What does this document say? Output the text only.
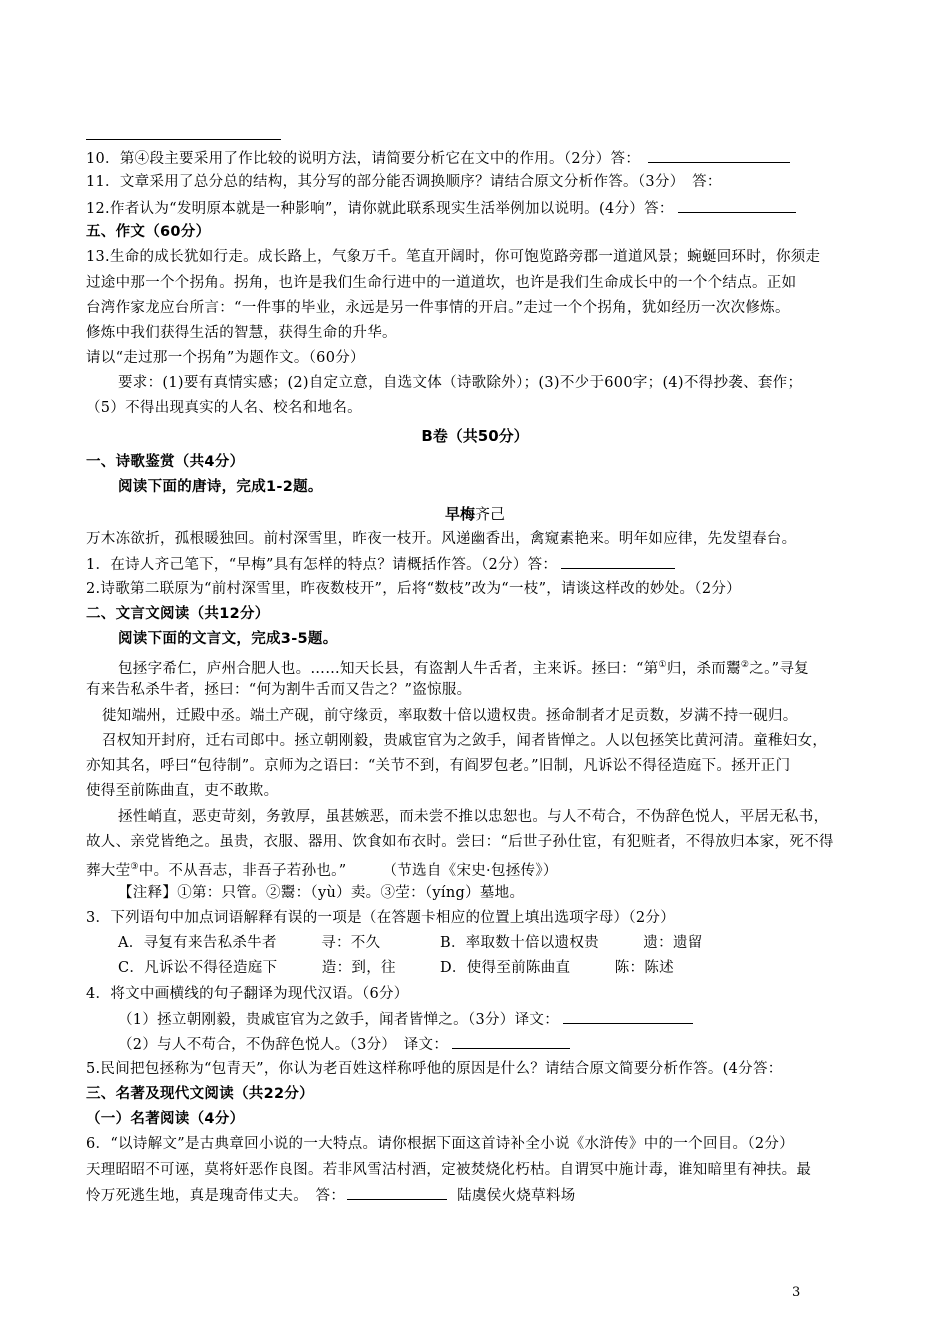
10．第④段主要采用了作比较的说明方法，请简要分析它在文中的作用。（2分）答：
11．文章采用了总分总的结构，其分写的部分能否调换顺序？请结合原文分析作答。（3分）　答：
12.作者认为“发明原本就是一种影响”，请你就此联系现实生活举例加以说明。(4分）答：
五、作文（60分）
13.生命的成长犹如行走。成长路上，气象万千。笔直开阔时，你可饱览路旁郡一道道风景；蜿蜒回环时，你须走
过途中那一个个拐角。拐角，也许是我们生命行进中的一道道坎，也许是我们生命成长中的一个个结点。正如
台湾作家龙应台所言：“一件事的毕业，永远是另一件事情的开启。”走过一个个拐角，犹如经历一次次修炼。
修炼中我们获得生活的智慧，获得生命的升华。
请以“走过那一个拐角”为题作文。（60分）
要求：(1)要有真情实感；(2)自定立意，自选文体（诗歌除外）；(3)不少于600字；(4)不得抄袭、套作；
（5）不得出现真实的人名、校名和地名。
B卷（共50分）
一、诗歌鉴赏（共4分）
阅读下面的唐诗，完成1-2题。
早梅齐己
万木冻欲折，孤根暖独回。前村深雪里，昨夜一枝开。风递幽香出，禽窥素艳来。明年如应律，先发望春台。
1．在诗人齐己笔下，“早梅”具有怎样的特点？请概括作答。（2分）答：
2.诗歌第二联原为“前村深雪里，昨夜数枝开”，后将“数枝”改为“一枝”，请谈这样改的妙处。（2分）
二、文言文阅读（共12分）
阅读下面的文言文，完成3-5题。
包拯字希仁，庐州合肥人也。……知天长县，有盗割人牛舌者，主来诉。拯曰：“第①归，杀而鬻②之。”寻复
有来告私杀牛者，拯曰：“何为割牛舌而又告之？”盗惊服。
徙知端州，迁殿中丞。端土产砚，前守缘贡，率取数十倍以遗权贵。拯命制者才足贡数，岁满不持一砚归。
召权知开封府，迁右司郎中。拯立朝刚毅，贵戚宦官为之敛手，闻者皆惮之。人以包拯笑比黄河清。童稚妇女，
亦知其名，呼曰“包待制”。京师为之语曰：“关节不到，有阎罗包老。”旧制，凡诉讼不得径造庭下。拯开正门
使得至前陈曲直，吏不敢欺。
拯性峭直，恶吏苛刻，务敦厚，虽甚嫉恶，而未尝不推以忠恕也。与人不苟合，不伪辞色悦人，平居无私书，
故人、亲党皆绝之。虽贵，衣服、器用、饮食如布衣时。尝曰：“后世子孙仕宦，有犯赃者，不得放归本家，死不得
葬大茔③中。不从吾志，非吾子若孙也。” （节选自《宋史·包拯传》）
【注释】①第：只管。②鬻：（yù）卖。③茔：（yíng）墓地。
3．下列语句中加点词语解释有误的一项是（在答题卡相应的位置上填出选项字母）（2分）
A．寻复有来告私杀牛者　　　寻：不久	B．率取数十倍以遗权贵　　　遗：遗留
C．凡诉讼不得径造庭下　　　造：到，往	D．使得至前陈曲直　　　陈：陈述
4．将文中画横线的句子翻译为现代汉语。（6分）
（1）拯立朝刚毅，贵戚宦官为之敛手，闻者皆惮之。（3分）译文：
（2）与人不苟合，不伪辞色悦人。（3分）　译文：
5.民间把包拯称为“包青天”，你认为老百姓这样称呼他的原因是什么？请结合原文简要分析作答。(4分答：
三、名著及现代文阅读（共22分）
（一）名著阅读（4分）
6．“以诗解文”是古典章回小说的一大特点。请你根据下面这首诗补全小说《水浒传》中的一个回目。（2分）
天理昭昭不可诬，莫将奸恶作良图。若非风雪沽村酒，定被焚烧化朽枯。自谓冥中施计毒，谁知暗里有神扶。最
怜万死逃生地，真是瑰奇伟丈夫。　答：	陆虞侯火烧草料场
3
